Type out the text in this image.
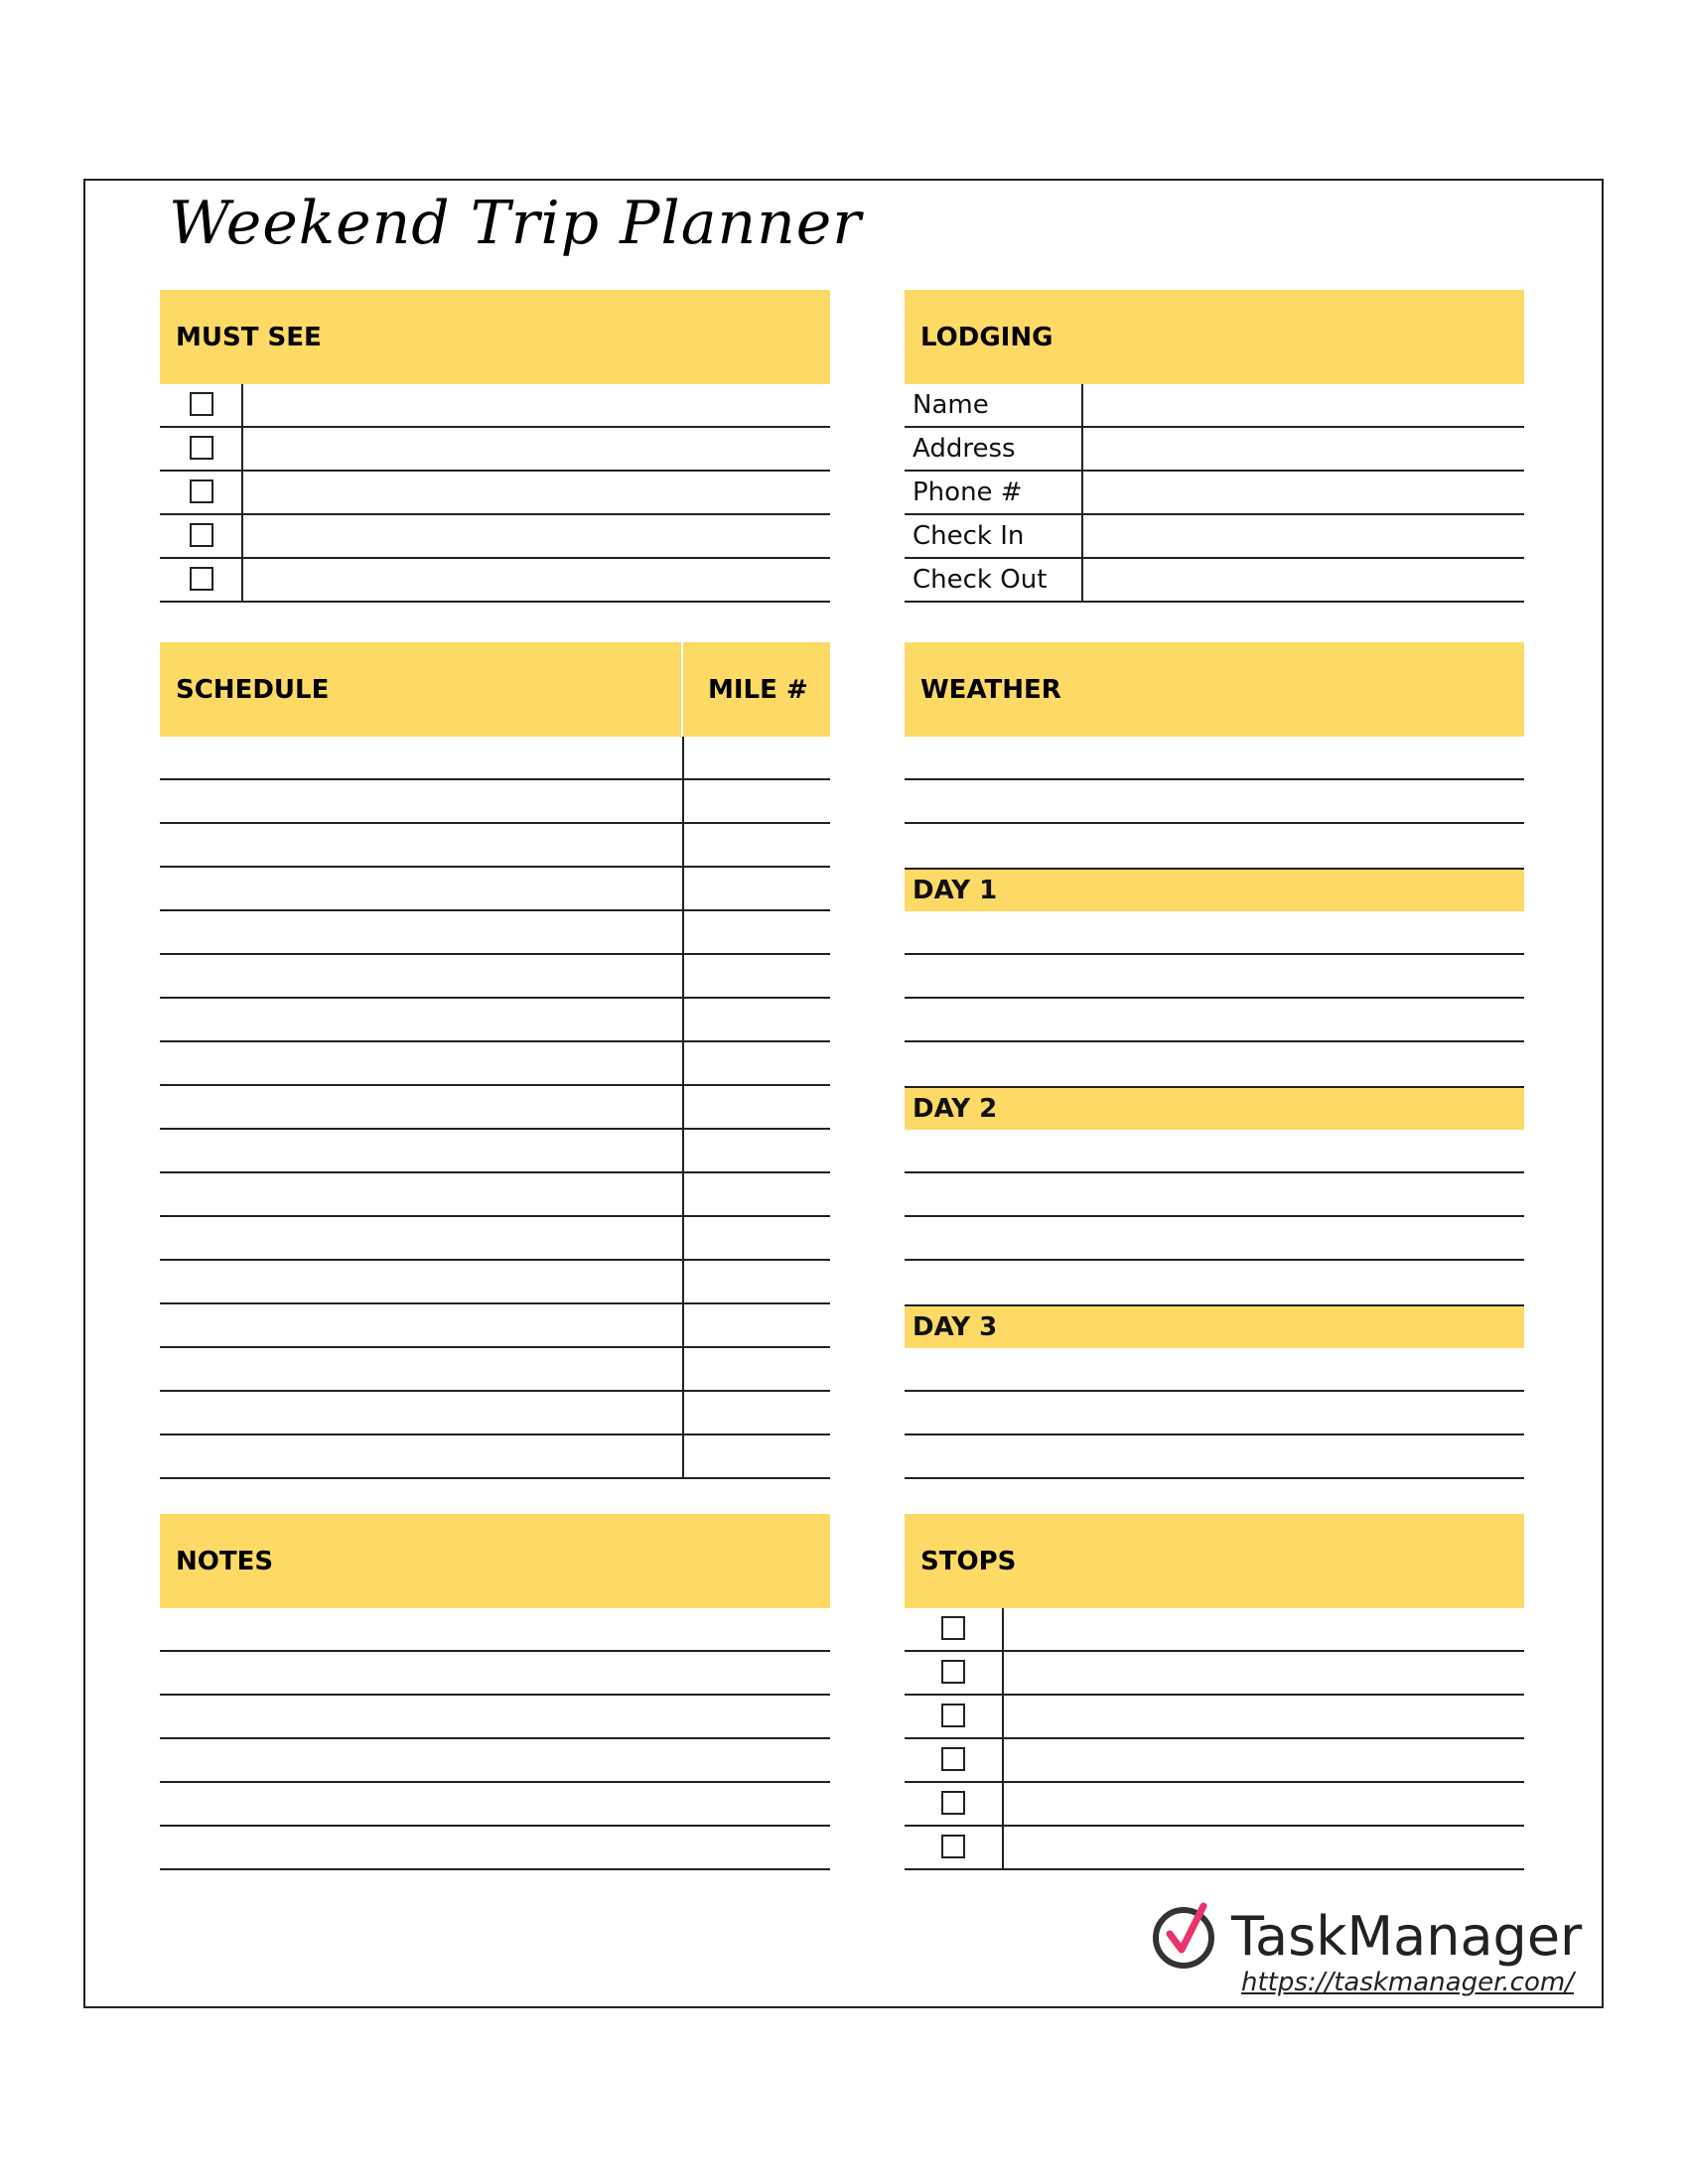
Weekend Trip Planner
MUST SEE	LODGING
Name
Address
Phone #
Check In
Check Out
SCHEDULE	MILE #	WEATHER
DAY 1
DAY 2
DAY 3
NOTES	STOPS
TaskManager
https://taskmanager.com/
